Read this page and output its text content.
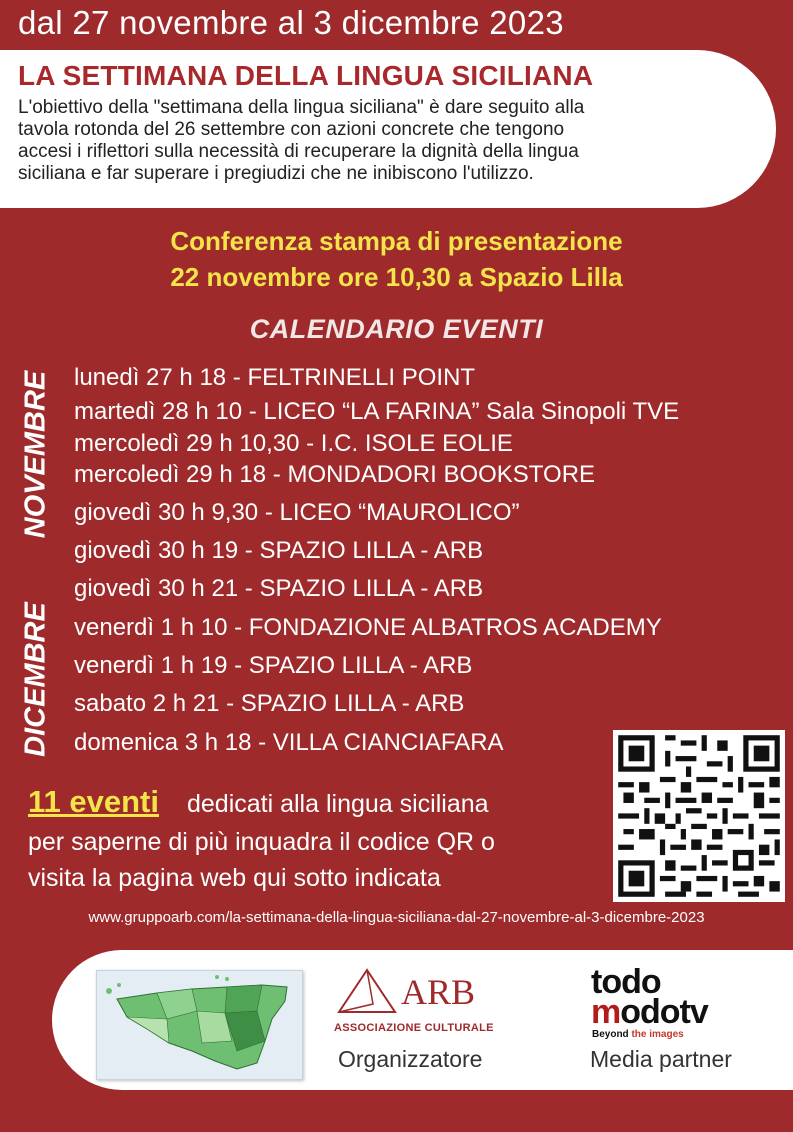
dal 27 novembre al 3 dicembre 2023
LA SETTIMANA DELLA LINGUA SICILIANA
L'obiettivo della "settimana della lingua siciliana" è dare seguito alla
tavola rotonda del 26 settembre con azioni concrete che tengono
accesi i riflettori sulla necessità di recuperare la dignità della lingua
siciliana e far superare i pregiudizi che ne inibiscono l'utilizzo.
Conferenza stampa di presentazione
22 novembre ore 10,30 a Spazio Lilla
CALENDARIO EVENTI
NOVEMBRE
DICEMBRE
lunedì 27 h 18 - FELTRINELLI POINT
martedì 28 h 10 - LICEO “LA FARINA” Sala Sinopoli TVE
mercoledì 29 h 10,30 - I.C. ISOLE EOLIE
mercoledì 29 h 18 - MONDADORI BOOKSTORE
giovedì 30 h 9,30 - LICEO “MAUROLICO”
giovedì 30 h 19 - SPAZIO LILLA - ARB
giovedì 30 h 21 - SPAZIO LILLA - ARB
venerdì 1 h 10 - FONDAZIONE ALBATROS ACADEMY
venerdì 1 h 19 - SPAZIO LILLA - ARB
sabato 2 h 21 - SPAZIO LILLA - ARB
domenica 3 h 18 - VILLA CIANCIAFARA
11 eventi dedicati alla lingua siciliana
per saperne di più inquadra il codice QR o
visita la pagina web qui sotto indicata
www.gruppoarb.com/la-settimana-della-lingua-siciliana-dal-27-novembre-al-3-dicembre-2023
ARB
ASSOCIAZIONE CULTURALE
Organizzatore
todo
modotv
Beyond the images
Media partner
